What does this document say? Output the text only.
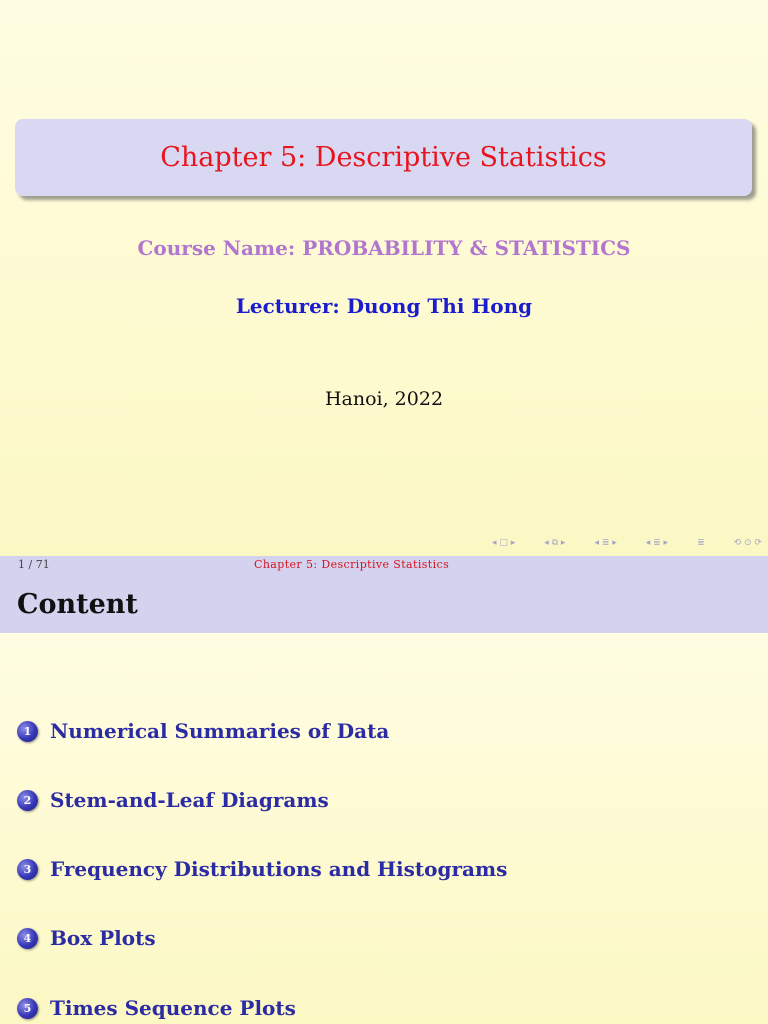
Chapter 5: Descriptive Statistics
Course Name: PROBABILITY & STATISTICS
Lecturer: Duong Thi Hong
Hanoi, 2022
◂ □ ▸	◂ ⧉ ▸	◂ ≣ ▸	◂ ≣ ▸	≣	⟲ ⊙ ⟳
1 / 71	Chapter 5: Descriptive Statistics
Content
1 Numerical Summaries of Data
2 Stem-and-Leaf Diagrams
3 Frequency Distributions and Histograms
4 Box Plots
5 Times Sequence Plots
